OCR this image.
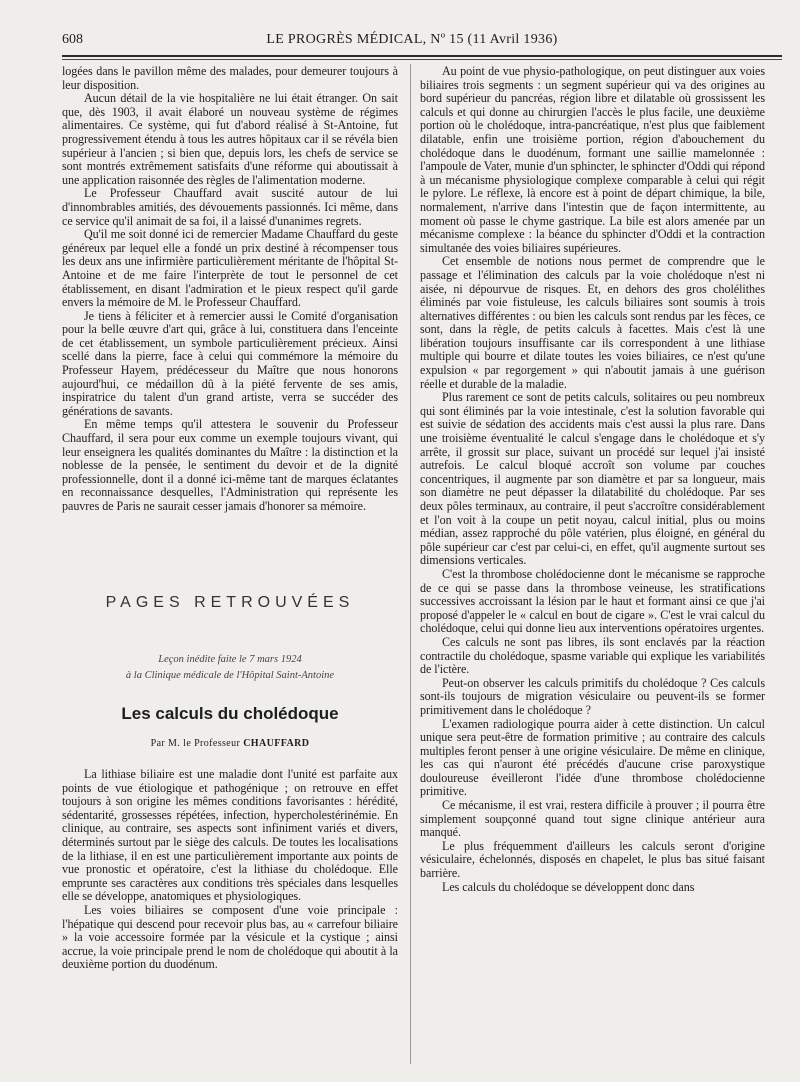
608	LE PROGRÈS MÉDICAL, Nº 15 (11 Avril 1936)

logées dans le pavillon même des malades, pour demeurer toujours à leur disposition.

Aucun détail de la vie hospitalière ne lui était étranger. On sait que, dès 1903, il avait élaboré un nouveau système de régimes alimentaires. Ce système, qui fut d'abord réalisé à St-Antoine, fut progressivement étendu à tous les autres hôpitaux car il se révéla bien supérieur à l'ancien ; si bien que, depuis lors, les chefs de service se sont montrés extrêmement satisfaits d'une réforme qui aboutissait à une application raisonnée des règles de l'alimentation moderne.

Le Professeur Chauffard avait suscité autour de lui d'innombrables amitiés, des dévouements passionnés. Ici même, dans ce service qu'il animait de sa foi, il a laissé d'unanimes regrets.

Qu'il me soit donné ici de remercier Madame Chauffard du geste généreux par lequel elle a fondé un prix destiné à récompenser tous les deux ans une infirmière particulièrement méritante de l'hôpital St-Antoine et de me faire l'interprète de tout le personnel de cet établissement, en disant l'admiration et le pieux respect qu'il garde envers la mémoire de M. le Professeur Chauffard.

Je tiens à féliciter et à remercier aussi le Comité d'organisation pour la belle œuvre d'art qui, grâce à lui, constituera dans l'enceinte de cet établissement, un symbole particulièrement précieux. Ainsi scellé dans la pierre, face à celui qui commémore la mémoire du Professeur Hayem, prédécesseur du Maître que nous honorons aujourd'hui, ce médaillon dû à la piété fervente de ses amis, inspiratrice du talent d'un grand artiste, verra se succéder des générations de savants.

En même temps qu'il attestera le souvenir du Professeur Chauffard, il sera pour eux comme un exemple toujours vivant, qui leur enseignera les qualités dominantes du Maître : la distinction et la noblesse de la pensée, le sentiment du devoir et de la dignité professionnelle, dont il a donné ici-même tant de marques éclatantes en reconnaissance desquelles, l'Administration qui représente les pauvres de Paris ne saurait cesser jamais d'honorer sa mémoire.

PAGES RETROUVÉES
Leçon inédite faite le 7 mars 1924
à la Clinique médicale de l'Hôpital Saint-Antoine
Les calculs du cholédoque
Par M. le Professeur CHAUFFARD

La lithiase biliaire est une maladie dont l'unité est parfaite aux points de vue étiologique et pathogénique ; on retrouve en effet toujours à son origine les mêmes conditions favorisantes : hérédité, sédentarité, grossesses répétées, infection, hypercholestérinémie. En clinique, au contraire, ses aspects sont infiniment variés et divers, déterminés surtout par le siège des calculs. De toutes les localisations de la lithiase, il en est une particulièrement importante aux points de vue pronostic et opératoire, c'est la lithiase du cholédoque. Elle emprunte ses caractères aux conditions très spéciales dans lesquelles elle se développe, anatomiques et physiologiques.

Les voies biliaires se composent d'une voie principale : l'hépatique qui descend pour recevoir plus bas, au « carrefour biliaire » la voie accessoire formée par la vésicule et la cystique ; ainsi accrue, la voie principale prend le nom de cholédoque qui aboutit à la deuxième portion du duodénum.

Au point de vue physio-pathologique, on peut distinguer aux voies biliaires trois segments : un segment supérieur qui va des origines au bord supérieur du pancréas, région libre et dilatable où grossissent les calculs et qui donne au chirurgien l'accès le plus facile, une deuxième portion où le cholédoque, intra-pancréatique, n'est plus que faiblement dilatable, enfin une troisième portion, région d'abouchement du cholédoque dans le duodénum, formant une saillie mamelonnée : l'ampoule de Vater, munie d'un sphincter, le sphincter d'Oddi qui répond à un mécanisme physiologique complexe comparable à celui qui régit le pylore. Le réflexe, là encore est à point de départ chimique, la bile, normalement, n'arrive dans l'intestin que de façon intermittente, au moment où passe le chyme gastrique. La bile est alors amenée par un mécanisme complexe : la béance du sphincter d'Oddi et la contraction simultanée des voies biliaires supérieures.

Cet ensemble de notions nous permet de comprendre que le passage et l'élimination des calculs par la voie cholédoque n'est ni aisée, ni dépourvue de risques. Et, en dehors des gros cholélithes éliminés par voie fistuleuse, les calculs biliaires sont soumis à trois alternatives différentes : ou bien les calculs sont rendus par les fèces, ce sont, dans la règle, de petits calculs à facettes. Mais c'est là une libération toujours insuffisante car ils correspondent à une lithiase multiple qui bourre et dilate toutes les voies biliaires, ce n'est qu'une expulsion « par regorgement » qui n'aboutit jamais à une guérison réelle et durable de la maladie.

Plus rarement ce sont de petits calculs, solitaires ou peu nombreux qui sont éliminés par la voie intestinale, c'est la solution favorable qui est suivie de sédation des accidents mais c'est aussi la plus rare. Dans une troisième éventualité le calcul s'engage dans le cholédoque et s'y arrête, il grossit sur place, suivant un procédé sur lequel j'ai insisté autrefois. Le calcul bloqué accroît son volume par couches concentriques, il augmente par son diamètre et par sa longueur, mais son diamètre ne peut dépasser la dilatabilité du cholédoque. Par ses deux pôles terminaux, au contraire, il peut s'accroître considérablement et l'on voit à la coupe un petit noyau, calcul initial, plus ou moins médian, assez rapproché du pôle vatérien, plus éloigné, en général du pôle supérieur car c'est par celui-ci, en effet, qu'il augmente surtout ses dimensions verticales.

C'est la thrombose cholédocienne dont le mécanisme se rapproche de ce qui se passe dans la thrombose veineuse, les stratifications successives accroissant la lésion par le haut et formant ainsi ce que j'ai proposé d'appeler le « calcul en bout de cigare ». C'est le vrai calcul du cholédoque, celui qui donne lieu aux interventions opératoires urgentes.

Ces calculs ne sont pas libres, ils sont enclavés par la réaction contractile du cholédoque, spasme variable qui explique les variabilités de l'ictère.

Peut-on observer les calculs primitifs du cholédoque ? Ces calculs sont-ils toujours de migration vésiculaire ou peuvent-ils se former primitivement dans le cholédoque ?

L'examen radiologique pourra aider à cette distinction. Un calcul unique sera peut-être de formation primitive ; au contraire des calculs multiples feront penser à une origine vésiculaire. De même en clinique, les cas qui n'auront été précédés d'aucune crise paroxystique douloureuse éveilleront l'idée d'une thrombose cholédocienne primitive.

Ce mécanisme, il est vrai, restera difficile à prouver ; il pourra être simplement soupçonné quand tout signe clinique antérieur aura manqué.

Le plus fréquemment d'ailleurs les calculs seront d'origine vésiculaire, échelonnés, disposés en chapelet, le plus bas situé faisant barrière.

Les calculs du cholédoque se développent donc dans
